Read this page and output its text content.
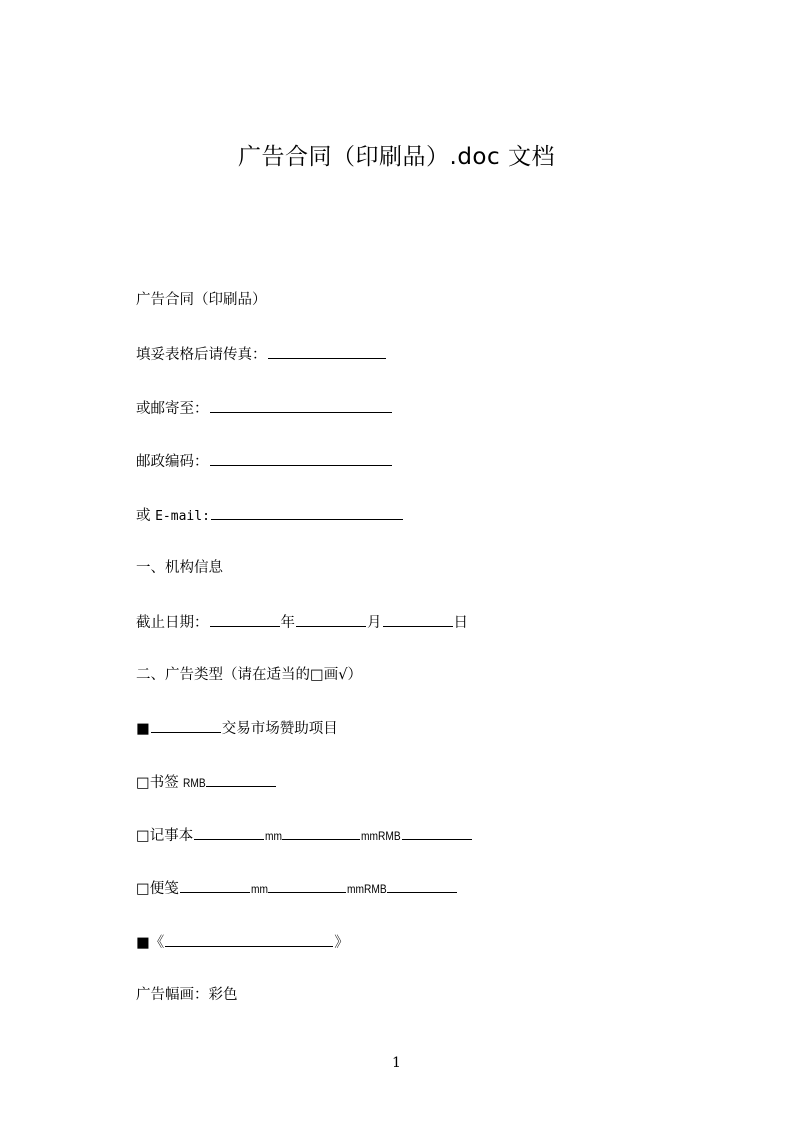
广告合同（印刷品）.doc 文档
广告合同（印刷品）
填妥表格后请传真：
或邮寄至：
邮政编码：
或 E-mail:
一、机构信息
截止日期：	年	月	日
二、广告类型（请在适当的□画√）
■	交易市场赞助项目
□书签 RMB
□记事本	mm	mmRMB
□便笺	mm	mmRMB
■《	》
广告幅画：彩色
1
